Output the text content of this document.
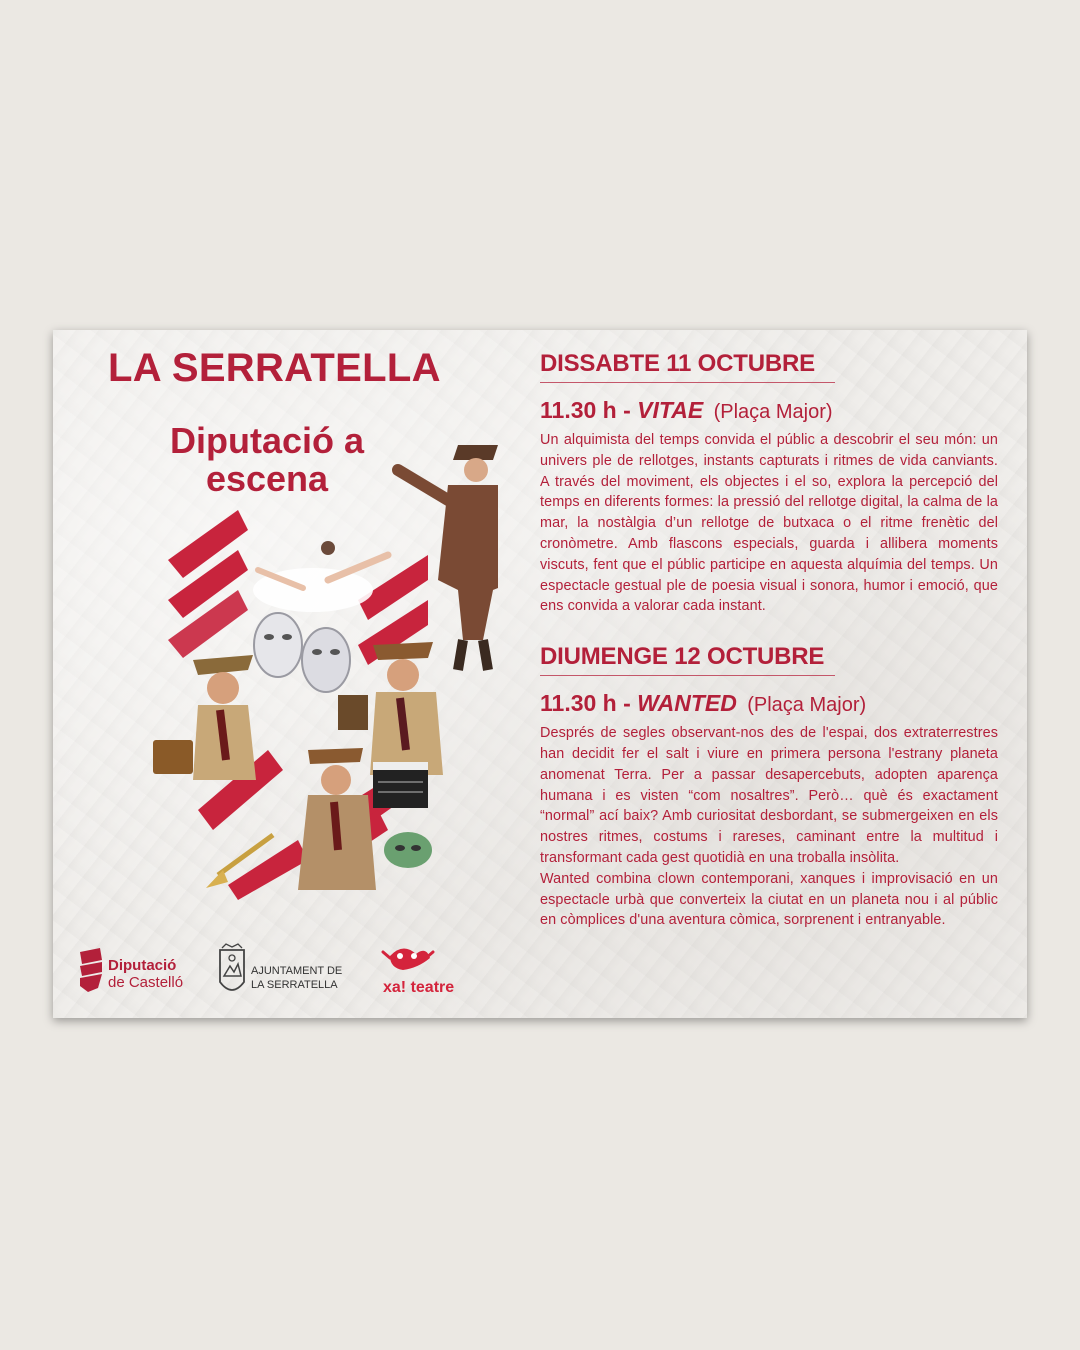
LA SERRATELLA
Diputació a escena
Diputació
de Castelló
AJUNTAMENT DE
LA SERRATELLA	xa! teatre
DISSABTE 11 OCTUBRE
11.30 h - VITAE (Plaça Major)

Un alquimista del temps convida el públic a descobrir el seu món: un univers ple de rellotges, instants capturats i ritmes de vida canviants. A través del moviment, els objectes i el so, explora la percepció del temps en diferents formes: la pressió del rellotge digital, la calma de la mar, la nostàlgia d’un rellotge de butxaca o el ritme frenètic del cronòmetre. Amb flascons especials, guarda i allibera moments viscuts, fent que el públic participe en aquesta alquímia del temps. Un espectacle gestual ple de poesia visual i sonora, humor i emoció, que ens convida a valorar cada instant.

DIUMENGE 12 OCTUBRE
11.30 h - WANTED (Plaça Major)

Després de segles observant-nos des de l'espai, dos extraterrestres han decidit fer el salt i viure en primera persona l'estrany planeta anomenat Terra. Per a passar desapercebuts, adopten aparença humana i es visten “com nosaltres”. Però… què és exactament “normal” ací baix? Amb curiositat desbordant, se submergeixen en els nostres ritmes, costums i rareses, caminant entre la multitud i transformant cada gest quotidià en una troballa insòlita.

Wanted combina clown contemporani, xanques i improvisació en un espectacle urbà que converteix la ciutat en un planeta nou i al públic en còmplices d'una aventura còmica, sorprenent i entranyable.
